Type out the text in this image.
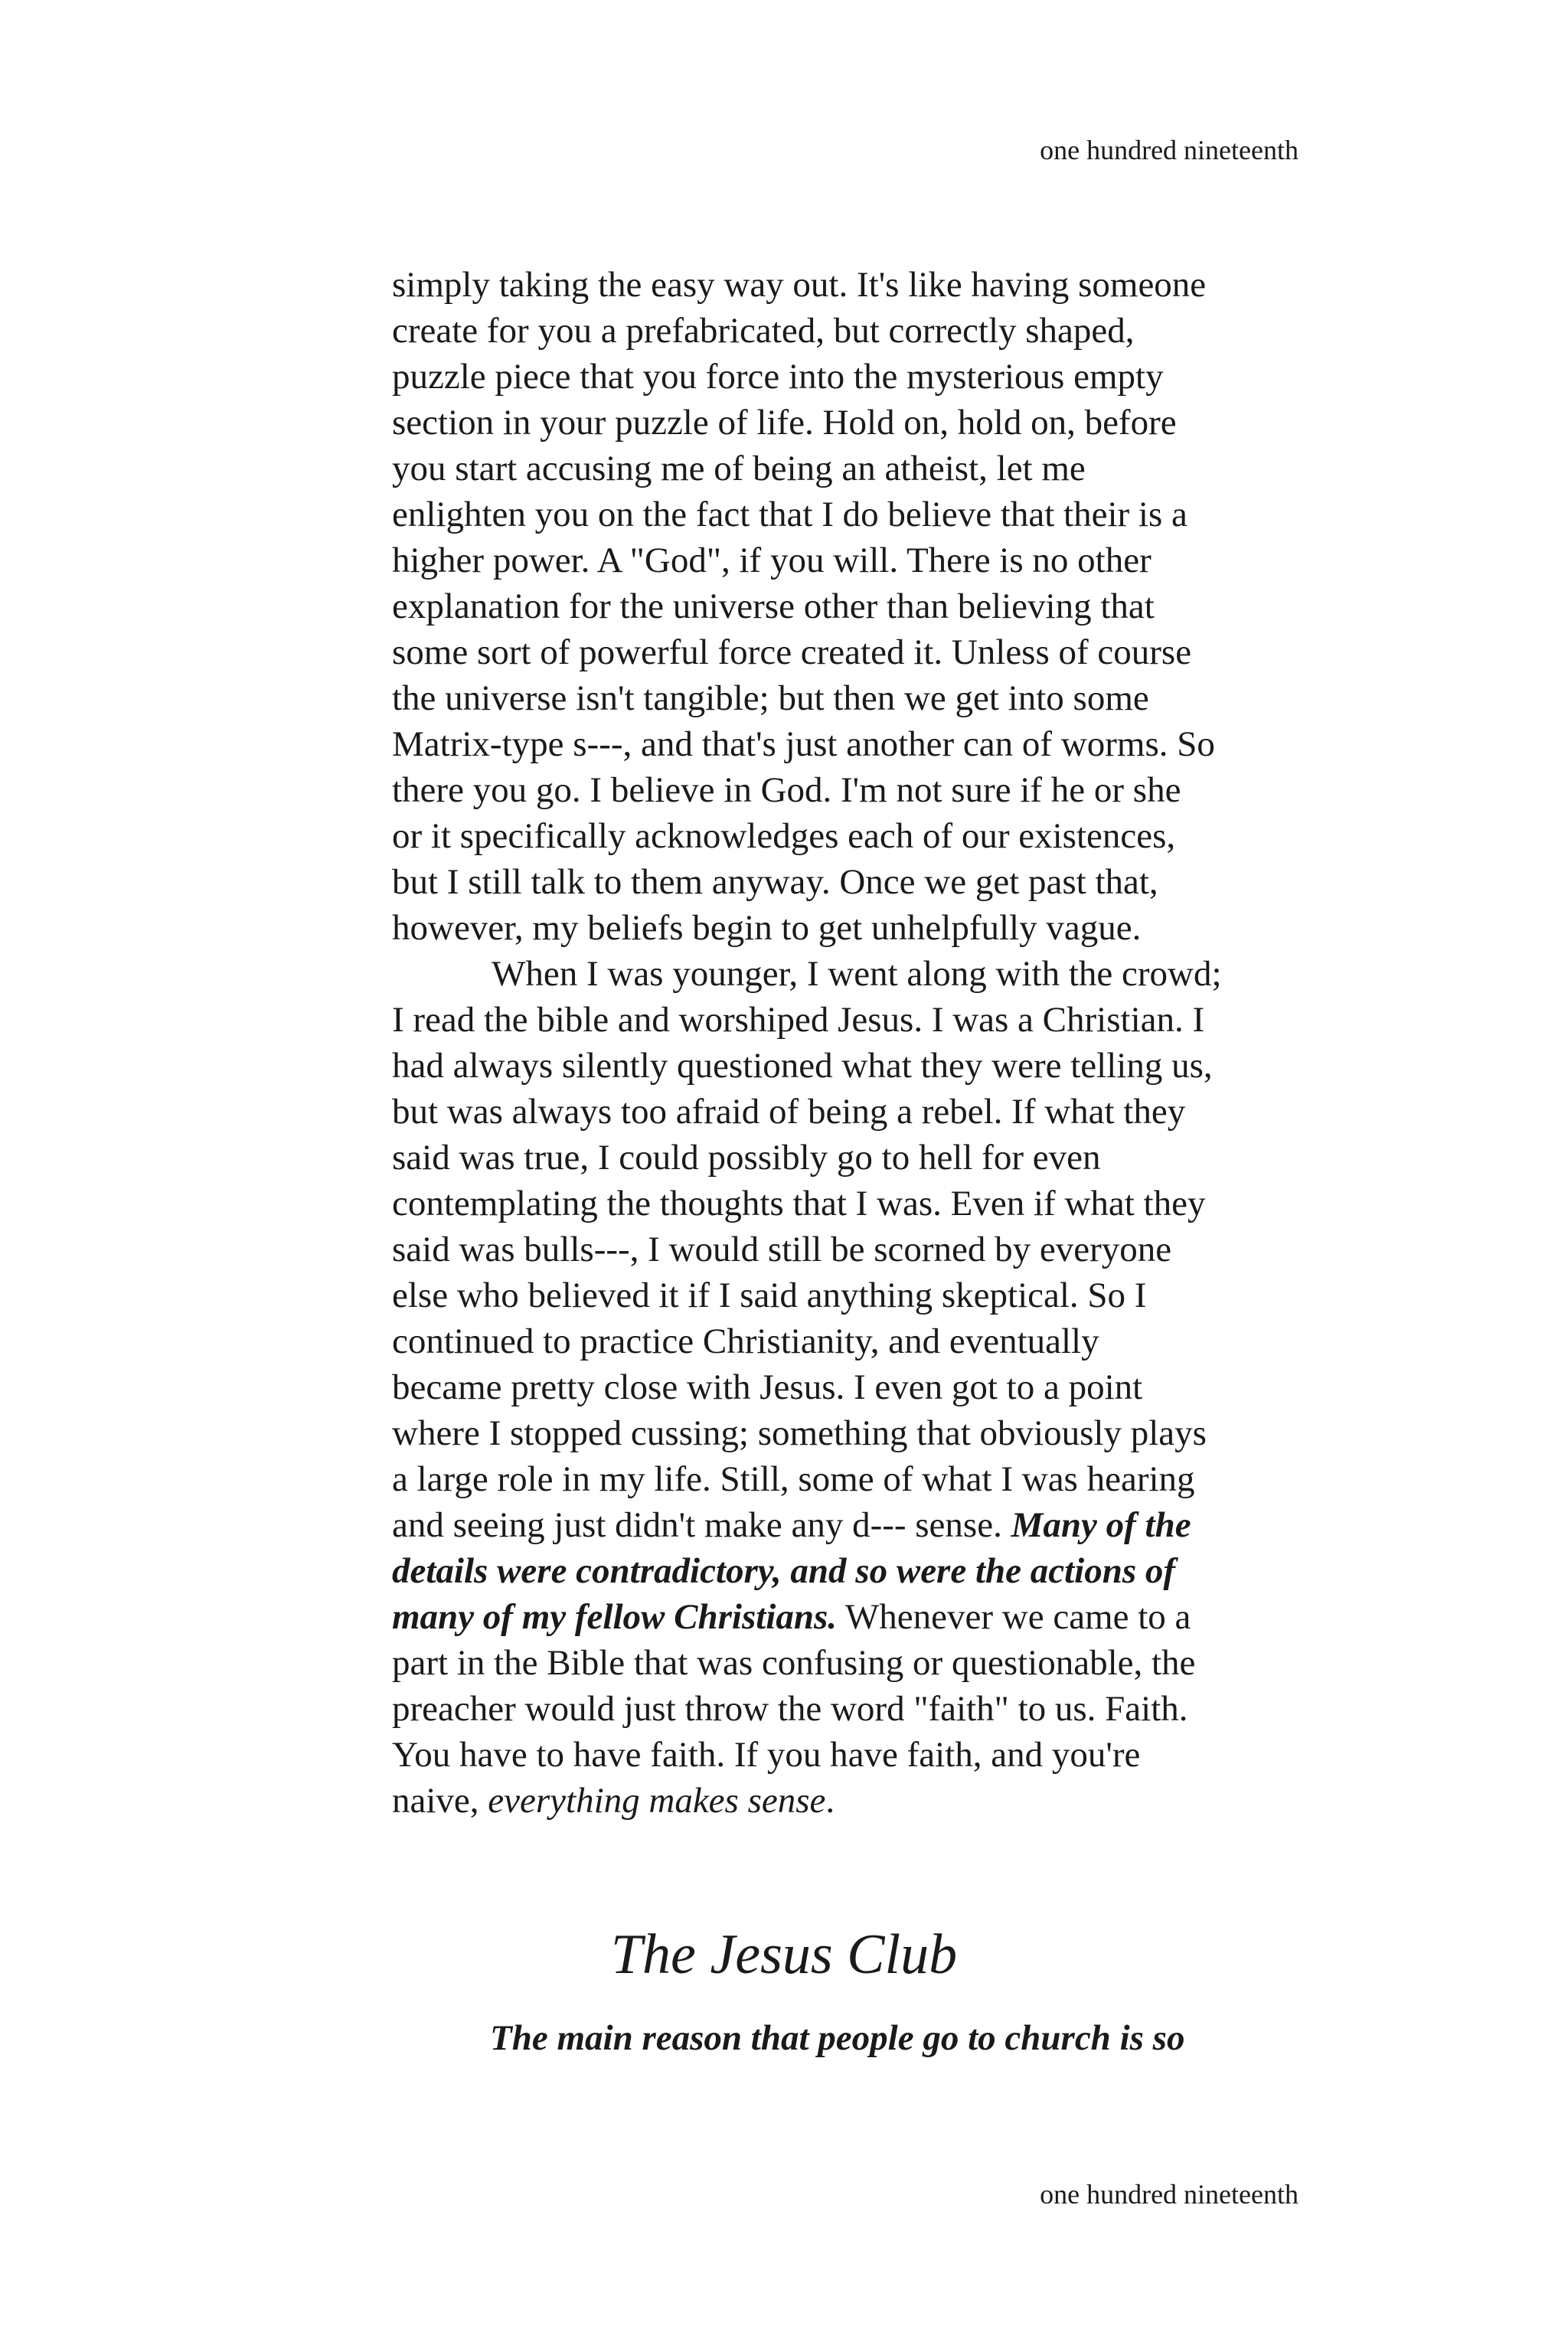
one hundred nineteenth
simply taking the easy way out. It's like having someone
create for you a prefabricated, but correctly shaped,
puzzle piece that you force into the mysterious empty
section in your puzzle of life. Hold on, hold on, before
you start accusing me of being an atheist, let me
enlighten you on the fact that I do believe that their is a
higher power. A "God", if you will. There is no other
explanation for the universe other than believing that
some sort of powerful force created it. Unless of course
the universe isn't tangible; but then we get into some
Matrix-type s---, and that's just another can of worms. So
there you go. I believe in God. I'm not sure if he or she
or it specifically acknowledges each of our existences,
but I still talk to them anyway. Once we get past that,
however, my beliefs begin to get unhelpfully vague.
When I was younger, I went along with the crowd;
I read the bible and worshiped Jesus. I was a Christian. I
had always silently questioned what they were telling us,
but was always too afraid of being a rebel. If what they
said was true, I could possibly go to hell for even
contemplating the thoughts that I was. Even if what they
said was bulls---, I would still be scorned by everyone
else who believed it if I said anything skeptical. So I
continued to practice Christianity, and eventually
became pretty close with Jesus. I even got to a point
where I stopped cussing; something that obviously plays
a large role in my life. Still, some of what I was hearing
and seeing just didn't make any d--- sense. Many of the
details were contradictory, and so were the actions of
many of my fellow Christians. Whenever we came to a
part in the Bible that was confusing or questionable, the
preacher would just throw the word "faith" to us. Faith.
You have to have faith. If you have faith, and you're
naive, everything makes sense.
The Jesus Club
The main reason that people go to church is so
one hundred nineteenth
